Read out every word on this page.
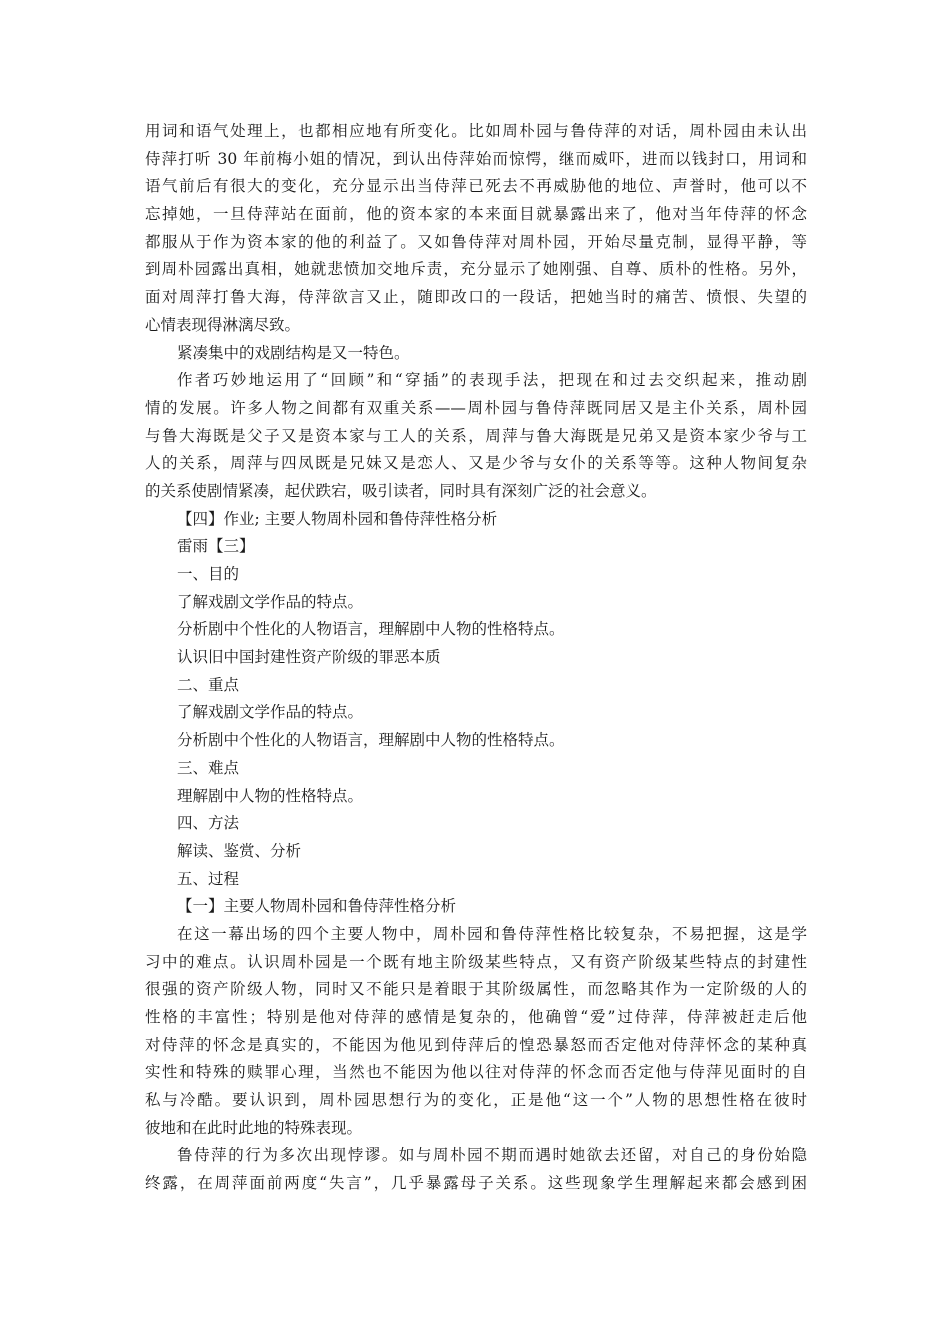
用词和语气处理上，也都相应地有所变化。比如周朴园与鲁侍萍的对话，周朴园由未认出
侍萍打听 30 年前梅小姐的情况，到认出侍萍始而惊愕，继而威吓，进而以钱封口，用词和
语气前后有很大的变化，充分显示出当侍萍已死去不再威胁他的地位、声誉时，他可以不
忘掉她，一旦侍萍站在面前，他的资本家的本来面目就暴露出来了，他对当年侍萍的怀念
都服从于作为资本家的他的利益了。又如鲁侍萍对周朴园，开始尽量克制，显得平静，等
到周朴园露出真相，她就悲愤加交地斥责，充分显示了她刚强、自尊、质朴的性格。另外，
面对周萍打鲁大海，侍萍欲言又止，随即改口的一段话，把她当时的痛苦、愤恨、失望的
心情表现得淋漓尽致。
紧凑集中的戏剧结构是又一特色。
作者巧妙地运用了“回顾”和“穿插”的表现手法，把现在和过去交织起来，推动剧
情的发展。许多人物之间都有双重关系——周朴园与鲁侍萍既同居又是主仆关系，周朴园
与鲁大海既是父子又是资本家与工人的关系，周萍与鲁大海既是兄弟又是资本家少爷与工
人的关系，周萍与四凤既是兄妹又是恋人、又是少爷与女仆的关系等等。这种人物间复杂
的关系使剧情紧凑，起伏跌宕，吸引读者，同时具有深刻广泛的社会意义。
【四】作业; 主要人物周朴园和鲁侍萍性格分析
雷雨【三】
一、目的
了解戏剧文学作品的特点。
分析剧中个性化的人物语言，理解剧中人物的性格特点。
认识旧中国封建性资产阶级的罪恶本质
二、重点
了解戏剧文学作品的特点。
分析剧中个性化的人物语言，理解剧中人物的性格特点。
三、难点
理解剧中人物的性格特点。
四、方法
解读、鉴赏、分析
五、过程
【一】主要人物周朴园和鲁侍萍性格分析
在这一幕出场的四个主要人物中，周朴园和鲁侍萍性格比较复杂，不易把握，这是学
习中的难点。认识周朴园是一个既有地主阶级某些特点，又有资产阶级某些特点的封建性
很强的资产阶级人物，同时又不能只是着眼于其阶级属性，而忽略其作为一定阶级的人的
性格的丰富性；特别是他对侍萍的感情是复杂的，他确曾“爱”过侍萍，侍萍被赶走后他
对侍萍的怀念是真实的，不能因为他见到侍萍后的惶恐暴怒而否定他对侍萍怀念的某种真
实性和特殊的赎罪心理，当然也不能因为他以往对侍萍的怀念而否定他与侍萍见面时的自
私与冷酷。要认识到，周朴园思想行为的变化，正是他“这一个”人物的思想性格在彼时
彼地和在此时此地的特殊表现。
鲁侍萍的行为多次出现悖谬。如与周朴园不期而遇时她欲去还留，对自己的身份始隐
终露，在周萍面前两度“失言”，几乎暴露母子关系。这些现象学生理解起来都会感到困
